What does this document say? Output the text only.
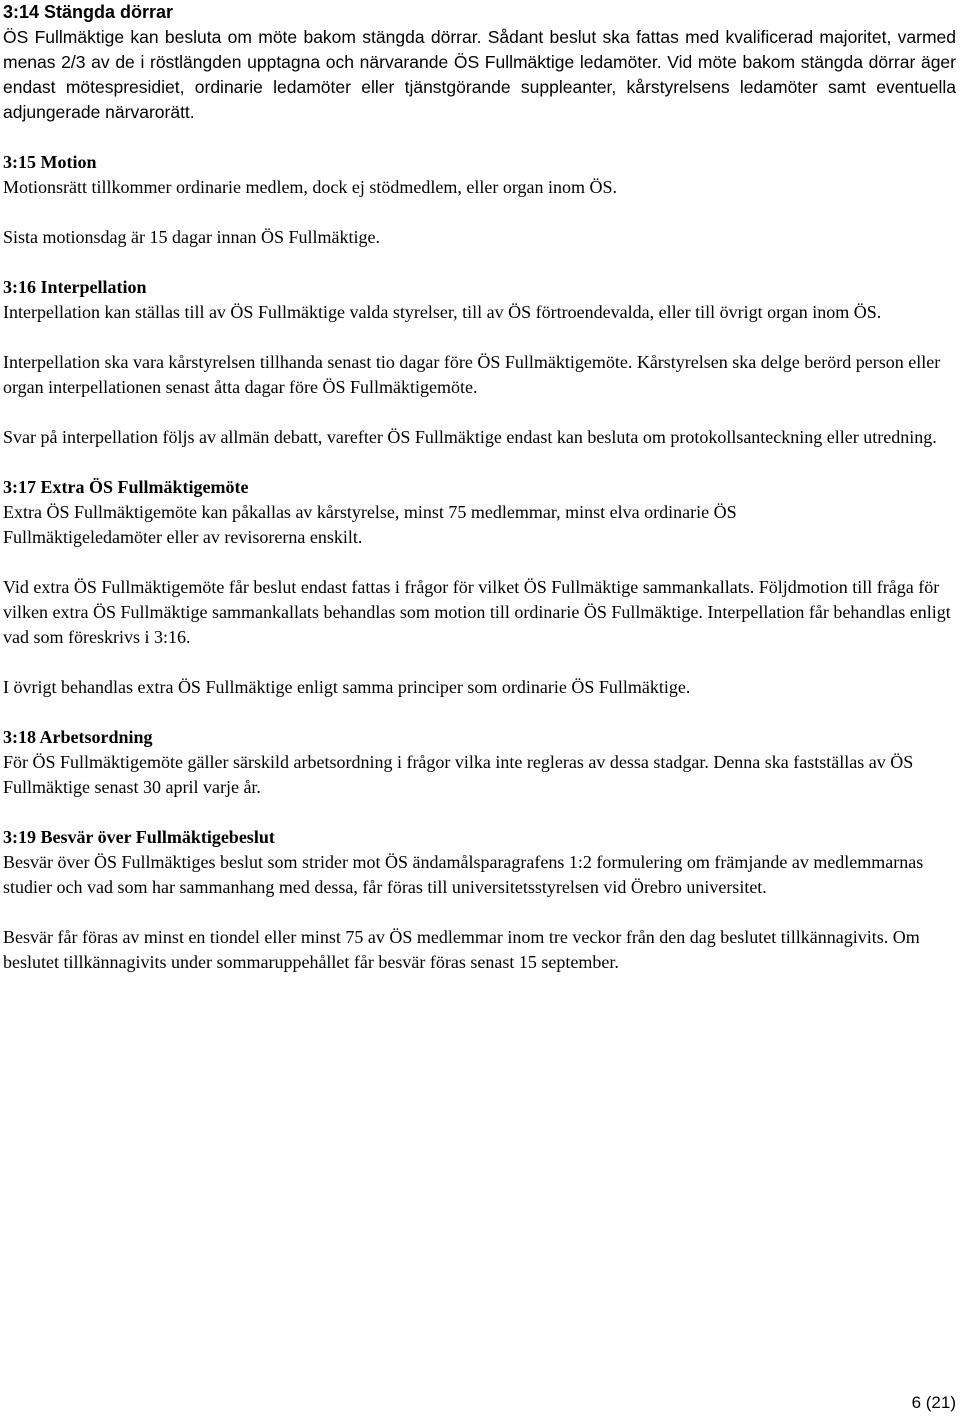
3:14 Stängda dörrar

ÖS Fullmäktige kan besluta om möte bakom stängda dörrar. Sådant beslut ska fattas med kvalificerad majoritet, varmed menas 2/3 av de i röstlängden upptagna och närvarande ÖS Fullmäktige ledamöter. Vid möte bakom stängda dörrar äger endast mötespresidiet, ordinarie ledamöter eller tjänstgörande suppleanter, kårstyrelsens ledamöter samt eventuella adjungerade närvarorätt.

3:15 Motion

Motionsrätt tillkommer ordinarie medlem, dock ej stödmedlem, eller organ inom ÖS.

Sista motionsdag är 15 dagar innan ÖS Fullmäktige.

3:16 Interpellation

Interpellation kan ställas till av ÖS Fullmäktige valda styrelser, till av ÖS förtroendevalda, eller till övrigt organ inom ÖS.

Interpellation ska vara kårstyrelsen tillhanda senast tio dagar före ÖS Fullmäktigemöte. Kårstyrelsen ska delge berörd person eller organ interpellationen senast åtta dagar före ÖS Fullmäktigemöte.

Svar på interpellation följs av allmän debatt, varefter ÖS Fullmäktige endast kan besluta om protokollsanteckning eller utredning.

3:17 Extra ÖS Fullmäktigemöte

Extra ÖS Fullmäktigemöte kan påkallas av kårstyrelse, minst 75 medlemmar, minst elva ordinarie ÖS Fullmäktigeledamöter eller av revisorerna enskilt.

Vid extra ÖS Fullmäktigemöte får beslut endast fattas i frågor för vilket ÖS Fullmäktige sammankallats. Följdmotion till fråga för vilken extra ÖS Fullmäktige sammankallats behandlas som motion till ordinarie ÖS Fullmäktige. Interpellation får behandlas enligt vad som föreskrivs i 3:16.

I övrigt behandlas extra ÖS Fullmäktige enligt samma principer som ordinarie ÖS Fullmäktige.

3:18 Arbetsordning

För ÖS Fullmäktigemöte gäller särskild arbetsordning i frågor vilka inte regleras av dessa stadgar. Denna ska fastställas av ÖS Fullmäktige senast 30 april varje år.

3:19 Besvär över Fullmäktigebeslut

Besvär över ÖS Fullmäktiges beslut som strider mot ÖS ändamålsparagrafens 1:2 formulering om främjande av medlemmarnas studier och vad som har sammanhang med dessa, får föras till universitetsstyrelsen vid Örebro universitet.

Besvär får föras av minst en tiondel eller minst 75 av ÖS medlemmar inom tre veckor från den dag beslutet tillkännagivits. Om beslutet tillkännagivits under sommaruppehållet får besvär föras senast 15 september.

6 (21)
